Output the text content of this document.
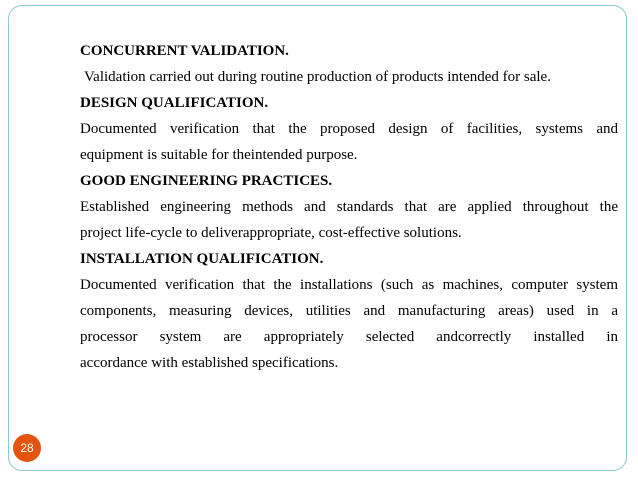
CONCURRENT VALIDATION.
Validation carried out during routine production of products intended for sale.
DESIGN QUALIFICATION.
Documented verification that the proposed design of facilities, systems and
equipment is suitable for theintended purpose.
GOOD ENGINEERING PRACTICES.
Established engineering methods and standards that are applied throughout the
project life-cycle to deliverappropriate, cost-effective solutions.
INSTALLATION QUALIFICATION.
Documented verification that the installations (such as machines, computer system
components, measuring devices, utilities and manufacturing areas) used in a
processor system are appropriately selected andcorrectly installed in
accordance with established specifications.
28
